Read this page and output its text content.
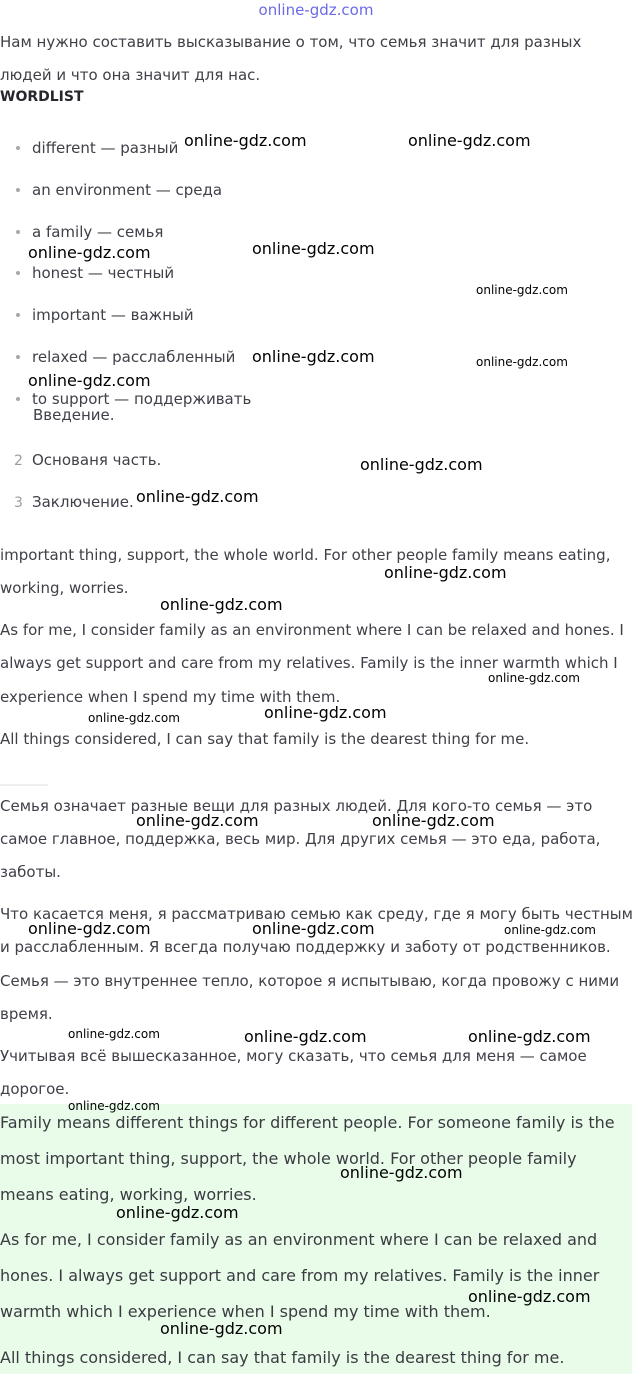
online-gdz.com
Нам нужно составить высказывание о том, что семья значит для разных
людей и что она значит для нас.
WORDLIST
different — разный
an environment — среда
a family — семья
honest — честный
important — важный
relaxed — расслабленный
to support — поддерживать
Введение.
2 Основаня часть.
3 Заключение.
important thing, support, the whole world. For other people family means eating,
working, worries.
As for me, I consider family as an environment where I can be relaxed and hones. I
always get support and care from my relatives. Family is the inner warmth which I
experience when I spend my time with them.
All things considered, I can say that family is the dearest thing for me.
Семья означает разные вещи для разных людей. Для кого-то семья — это
самое главное, поддержка, весь мир. Для других семья — это еда, работа,
заботы.
Что касается меня, я рассматриваю семью как среду, где я могу быть честным
и расслабленным. Я всегда получаю поддержку и заботу от родственников.
Семья — это внутреннее тепло, которое я испытываю, когда провожу с ними
время.
Учитывая всё вышесказанное, могу сказать, что семья для меня — самое
дорогое.
Family means different things for different people. For someone family is the
most important thing, support, the whole world. For other people family
means eating, working, worries.
As for me, I consider family as an environment where I can be relaxed and
hones. I always get support and care from my relatives. Family is the inner
warmth which I experience when I spend my time with them.
All things considered, I can say that family is the dearest thing for me.
online-gdz.com	online-gdz.com
online-gdz.com	online-gdz.com
online-gdz.com
online-gdz.com	online-gdz.com
online-gdz.com
online-gdz.com
online-gdz.com
online-gdz.com
online-gdz.com
online-gdz.com
online-gdz.com
online-gdz.com
online-gdz.com	online-gdz.com
online-gdz.com	online-gdz.com	online-gdz.com
online-gdz.com	online-gdz.com	online-gdz.com
online-gdz.com
online-gdz.com
online-gdz.com
online-gdz.com
online-gdz.com
